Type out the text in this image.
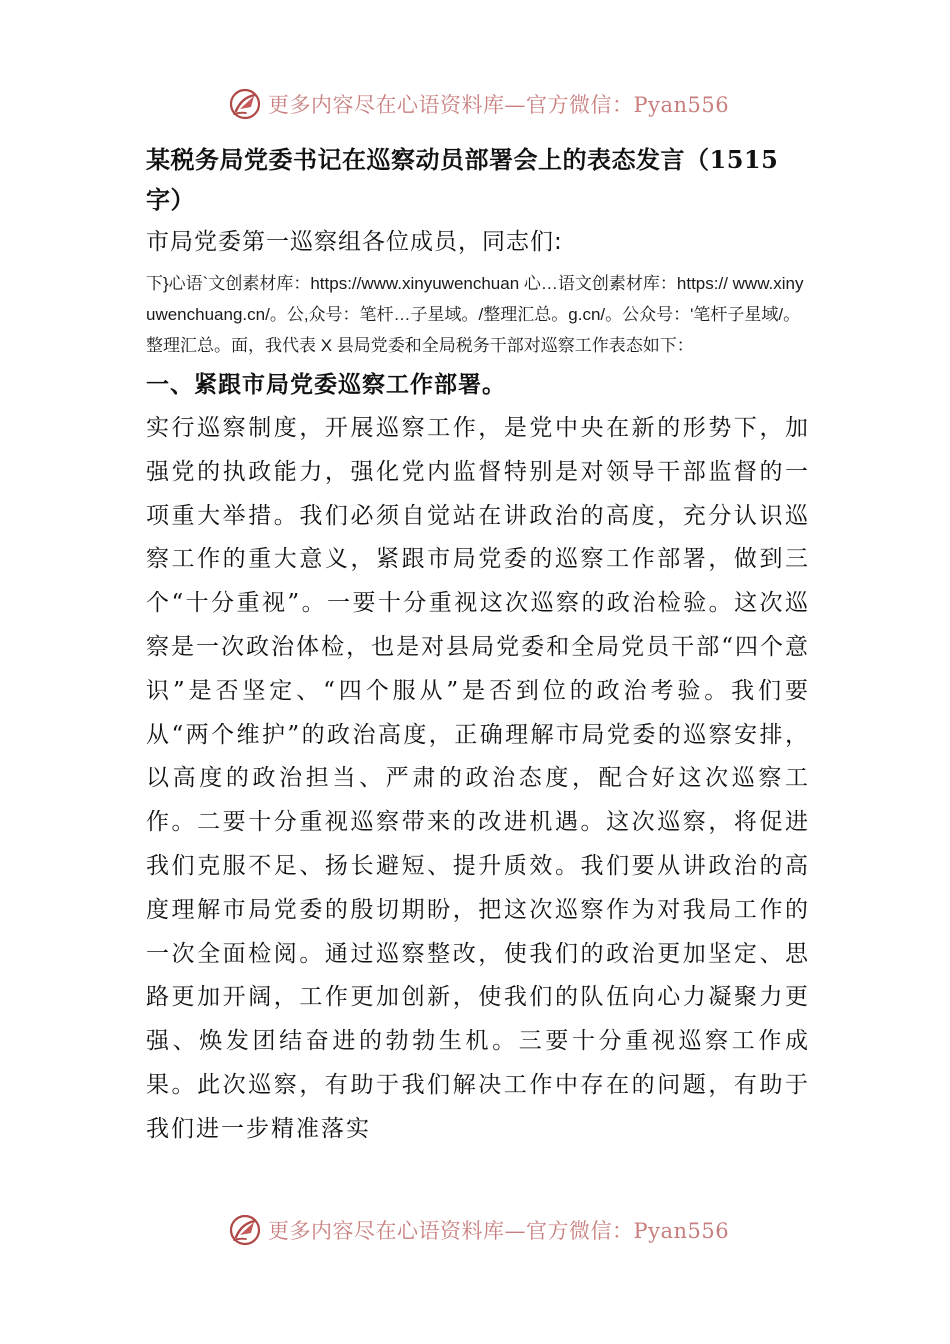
更多内容尽在心语资料库—官方微信：Pyan556
某税务局党委书记在巡察动员部署会上的表态发言（1515字）

市局党委第一巡察组各位成员，同志们:

下}心语`文创素材库：https://www.xinyuwenchuan 心…语文创素材库：https:// www.xinyuwenchuang.cn/。公,众号：笔杆…子星域。/整理汇总。g.cn/。公众号：'笔杆子星域/。整理汇总。面，我代表 X 县局党委和全局税务干部对巡察工作表态如下：

一、紧跟市局党委巡察工作部署。

实行巡察制度，开展巡察工作，是党中央在新的形势下，加强党的执政能力，强化党内监督特别是对领导干部监督的一项重大举措。我们必须自觉站在讲政治的高度，充分认识巡察工作的重大意义，紧跟市局党委的巡察工作部署，做到三个“十分重视”。一要十分重视这次巡察的政治检验。这次巡察是一次政治体检，也是对县局党委和全局党员干部“四个意识”是否坚定、“四个服从”是否到位的政治考验。我们要从“两个维护”的政治高度，正确理解市局党委的巡察安排，以高度的政治担当、严肃的政治态度，配合好这次巡察工作。二要十分重视巡察带来的改进机遇。这次巡察，将促进我们克服不足、扬长避短、提升质效。我们要从讲政治的高度理解市局党委的殷切期盼，把这次巡察作为对我局工作的一次全面检阅。通过巡察整改，使我们的政治更加坚定、思路更加开阔，工作更加创新，使我们的队伍向心力凝聚力更强、焕发团结奋进的勃勃生机。三要十分重视巡察工作成果。此次巡察，有助于我们解决工作中存在的问题，有助于我们进一步精准落实

更多内容尽在心语资料库—官方微信：Pyan556
